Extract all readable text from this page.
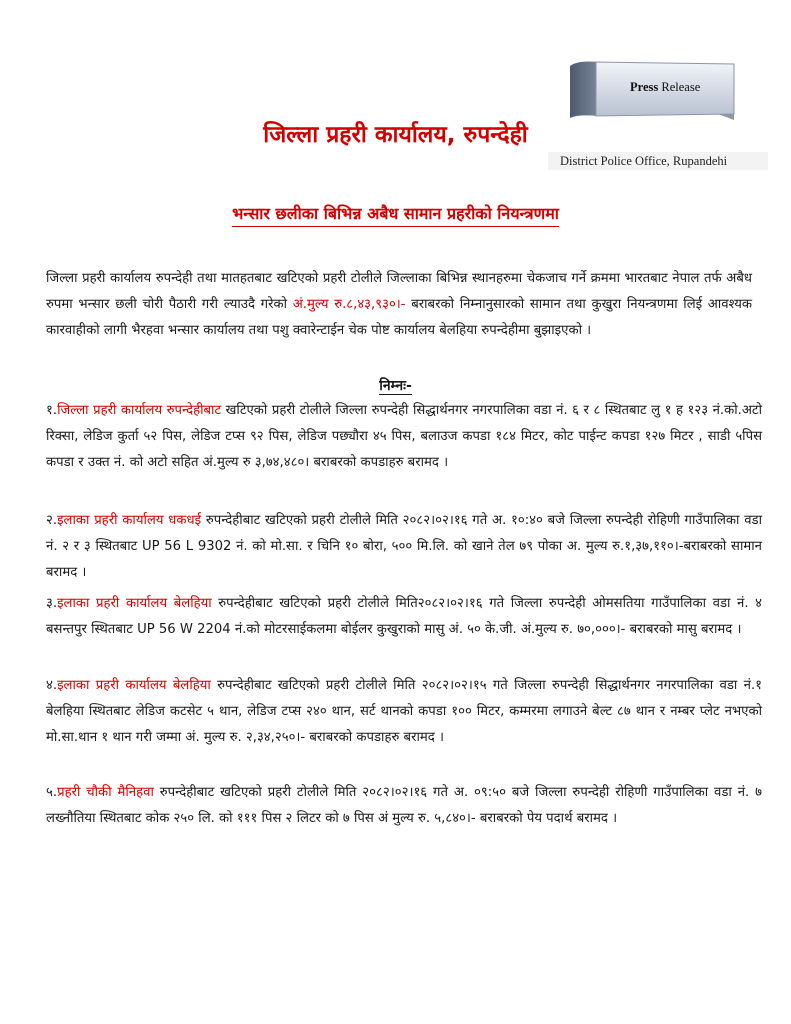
Press Release
जिल्ला प्रहरी कार्यालय, रुपन्देही
District Police Office, Rupandehi
भन्सार छलीका बिभिन्न अबैध सामान प्रहरीको नियन्त्रणमा

जिल्ला प्रहरी कार्यालय रुपन्देही तथा मातहतबाट खटिएको प्रहरी टोलीले जिल्लाका बिभिन्न स्थानहरुमा चेकजाच गर्ने क्रममा भारतबाट नेपाल तर्फ अबैध रुपमा भन्सार छली चोरी पैठारी गरी ल्याउदै गरेको अं.मुल्य रु.८,४३,९३०।- बराबरको निम्नानुसारको सामान तथा कुखुरा नियन्त्रणमा लिई आवश्यक कारवाहीको लागी भैरहवा भन्सार कार्यालय तथा पशु क्वारेन्टाईन चेक पोष्ट कार्यालय बेलहिया रुपन्देहीमा बुझाइएको ।

निम्नः-

१.जिल्ला प्रहरी कार्यालय रुपन्देहीबाट खटिएको प्रहरी टोलीले जिल्ला रुपन्देही सिद्धार्थनगर नगरपालिका वडा नं. ६ र ८ स्थितबाट लु १ ह १२३ नं.को.अटो रिक्सा, लेडिज कुर्ता ५२ पिस, लेडिज टप्स ९२ पिस, लेडिज पछ्यौरा ४५ पिस, बलाउज कपडा १८४ मिटर, कोट पाईन्ट कपडा १२७ मिटर , साडी ५पिस कपडा र उक्त नं. को अटो सहित अं.मुल्य रु ३,७४,४८०। बराबरको कपडाहरु बरामद ।

२.इलाका प्रहरी कार्यालय धकधई रुपन्देहीबाट खटिएको प्रहरी टोलीले मिति २०८२।०२।१६ गते अ. १०:४० बजे जिल्ला रुपन्देही रोहिणी गाउँपालिका वडा नं. २ र ३ स्थितबाट UP 56 L 9302 नं. को मो.सा. र चिनि १० बोरा, ५०० मि.लि. को खाने तेल ७९ पोका अ. मुल्य रु.१,३७,११०।-बराबरको सामान बरामद ।

३.इलाका प्रहरी कार्यालय बेलहिया रुपन्देहीबाट खटिएको प्रहरी टोलीले मिति२०८२।०२।१६ गते जिल्ला रुपन्देही ओमसतिया गाउँपालिका वडा नं. ४ बसन्तपुर स्थितबाट UP 56 W 2204 नं.को मोटरसाईकलमा बोईलर कुखुराको मासु अं. ५० के.जी. अं.मुल्य रु. ७०,०००।- बराबरको मासु बरामद ।

४.इलाका प्रहरी कार्यालय बेलहिया रुपन्देहीबाट खटिएको प्रहरी टोलीले मिति २०८२।०२।१५ गते जिल्ला रुपन्देही सिद्धार्थनगर नगरपालिका वडा नं.१ बेलहिया स्थितबाट लेडिज कटसेट ५ थान, लेडिज टप्स २४० थान, सर्ट थानको कपडा १०० मिटर, कम्मरमा लगाउने बेल्ट ८७ थान र नम्बर प्लेट नभएको मो.सा.थान १ थान गरी जम्मा अं. मुल्य रु. २,३४,२५०।- बराबरको कपडाहरु बरामद ।

५.प्रहरी चौकी मैनिहवा रुपन्देहीबाट खटिएको प्रहरी टोलीले मिति २०८२।०२।१६ गते अ. ०९:५० बजे जिल्ला रुपन्देही रोहिणी गाउँपालिका वडा नं. ७ लख्नौतिया स्थितबाट कोक २५० लि. को १११ पिस २ लिटर को ७ पिस अं मुल्य रु. ५,८४०।- बराबरको पेय पदार्थ बरामद ।
